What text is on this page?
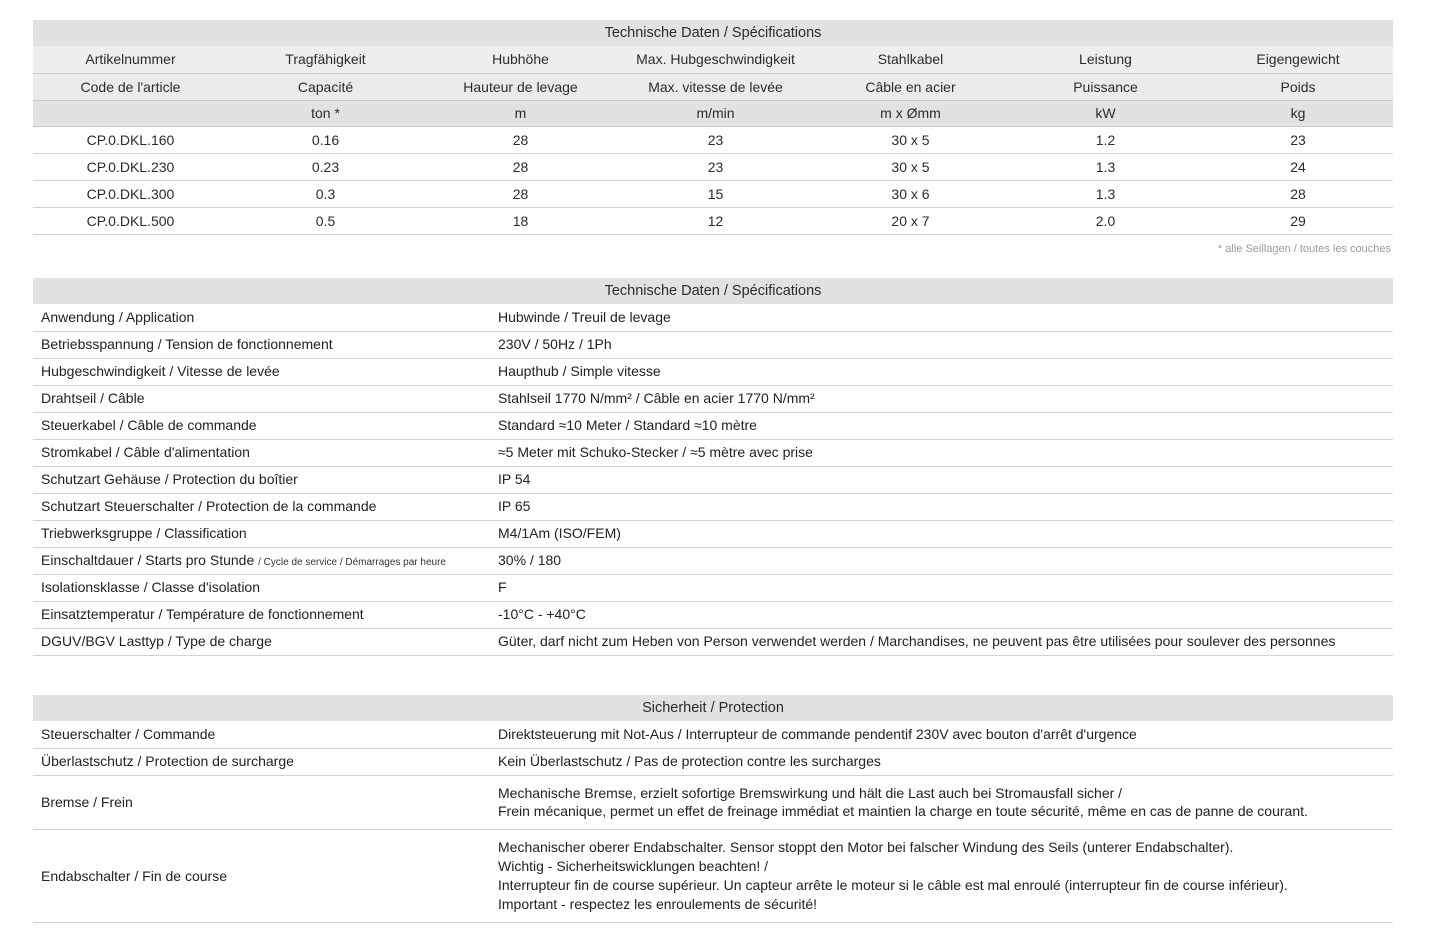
Technische Daten / Spécifications
Artikelnummer	Tragfähigkeit	Hubhöhe	Max. Hubgeschwindigkeit	Stahlkabel	Leistung	Eigengewicht
Code de l'article	Capacité	Hauteur de levage	Max. vitesse de levée	Câble en acier	Puissance	Poids
	ton *	m	m/min	m x Ømm	kW	kg
CP.0.DKL.160	0.16	28	23	30 x 5	1.2	23
CP.0.DKL.230	0.23	28	23	30 x 5	1.3	24
CP.0.DKL.300	0.3	28	15	30 x 6	1.3	28
CP.0.DKL.500	0.5	18	12	20 x 7	2.0	29
* alle Seillagen / toutes les couches
Technische Daten / Spécifications
Anwendung / Application	Hubwinde / Treuil de levage
Betriebsspannung / Tension de fonctionnement	230V / 50Hz / 1Ph
Hubgeschwindigkeit / Vitesse de levée	Haupthub / Simple vitesse
Drahtseil / Câble	Stahlseil 1770 N/mm² / Câble en acier 1770 N/mm²
Steuerkabel / Câble de commande	Standard ≈10 Meter / Standard ≈10 mètre
Stromkabel / Câble d'alimentation	≈5 Meter mit Schuko-Stecker / ≈5 mètre avec prise
Schutzart Gehäuse / Protection du boîtier	IP 54
Schutzart Steuerschalter / Protection de la commande	IP 65
Triebwerksgruppe / Classification	M4/1Am (ISO/FEM)
Einschaltdauer / Starts pro Stunde / Cycle de service / Démarrages par heure	30% / 180
Isolationsklasse / Classe d'isolation	F
Einsatztemperatur / Température de fonctionnement	-10°C - +40°C
DGUV/BGV Lasttyp / Type de charge	Güter, darf nicht zum Heben von Person verwendet werden / Marchandises, ne peuvent pas être utilisées pour soulever des personnes
Sicherheit / Protection
Steuerschalter / Commande	Direktsteuerung mit Not-Aus / Interrupteur de commande pendentif 230V avec bouton d'arrêt d'urgence

Überlastschutz / Protection de surcharge	Kein Überlastschutz / Pas de protection contre les surcharges

Bremse / Frein	Mechanische Bremse, erzielt sofortige Bremswirkung und hält die Last auch bei Stromausfall sicher /
Frein mécanique, permet un effet de freinage immédiat et maintien la charge en toute sécurité, même en cas de panne de courant.

Endabschalter / Fin de course	Mechanischer oberer Endabschalter. Sensor stoppt den Motor bei falscher Windung des Seils (unterer Endabschalter).
Wichtig - Sicherheitswicklungen beachten! /
Interrupteur fin de course supérieur. Un capteur arrête le moteur si le câble est mal enroulé (interrupteur fin de course inférieur).
Important - respectez les enroulements de sécurité!
